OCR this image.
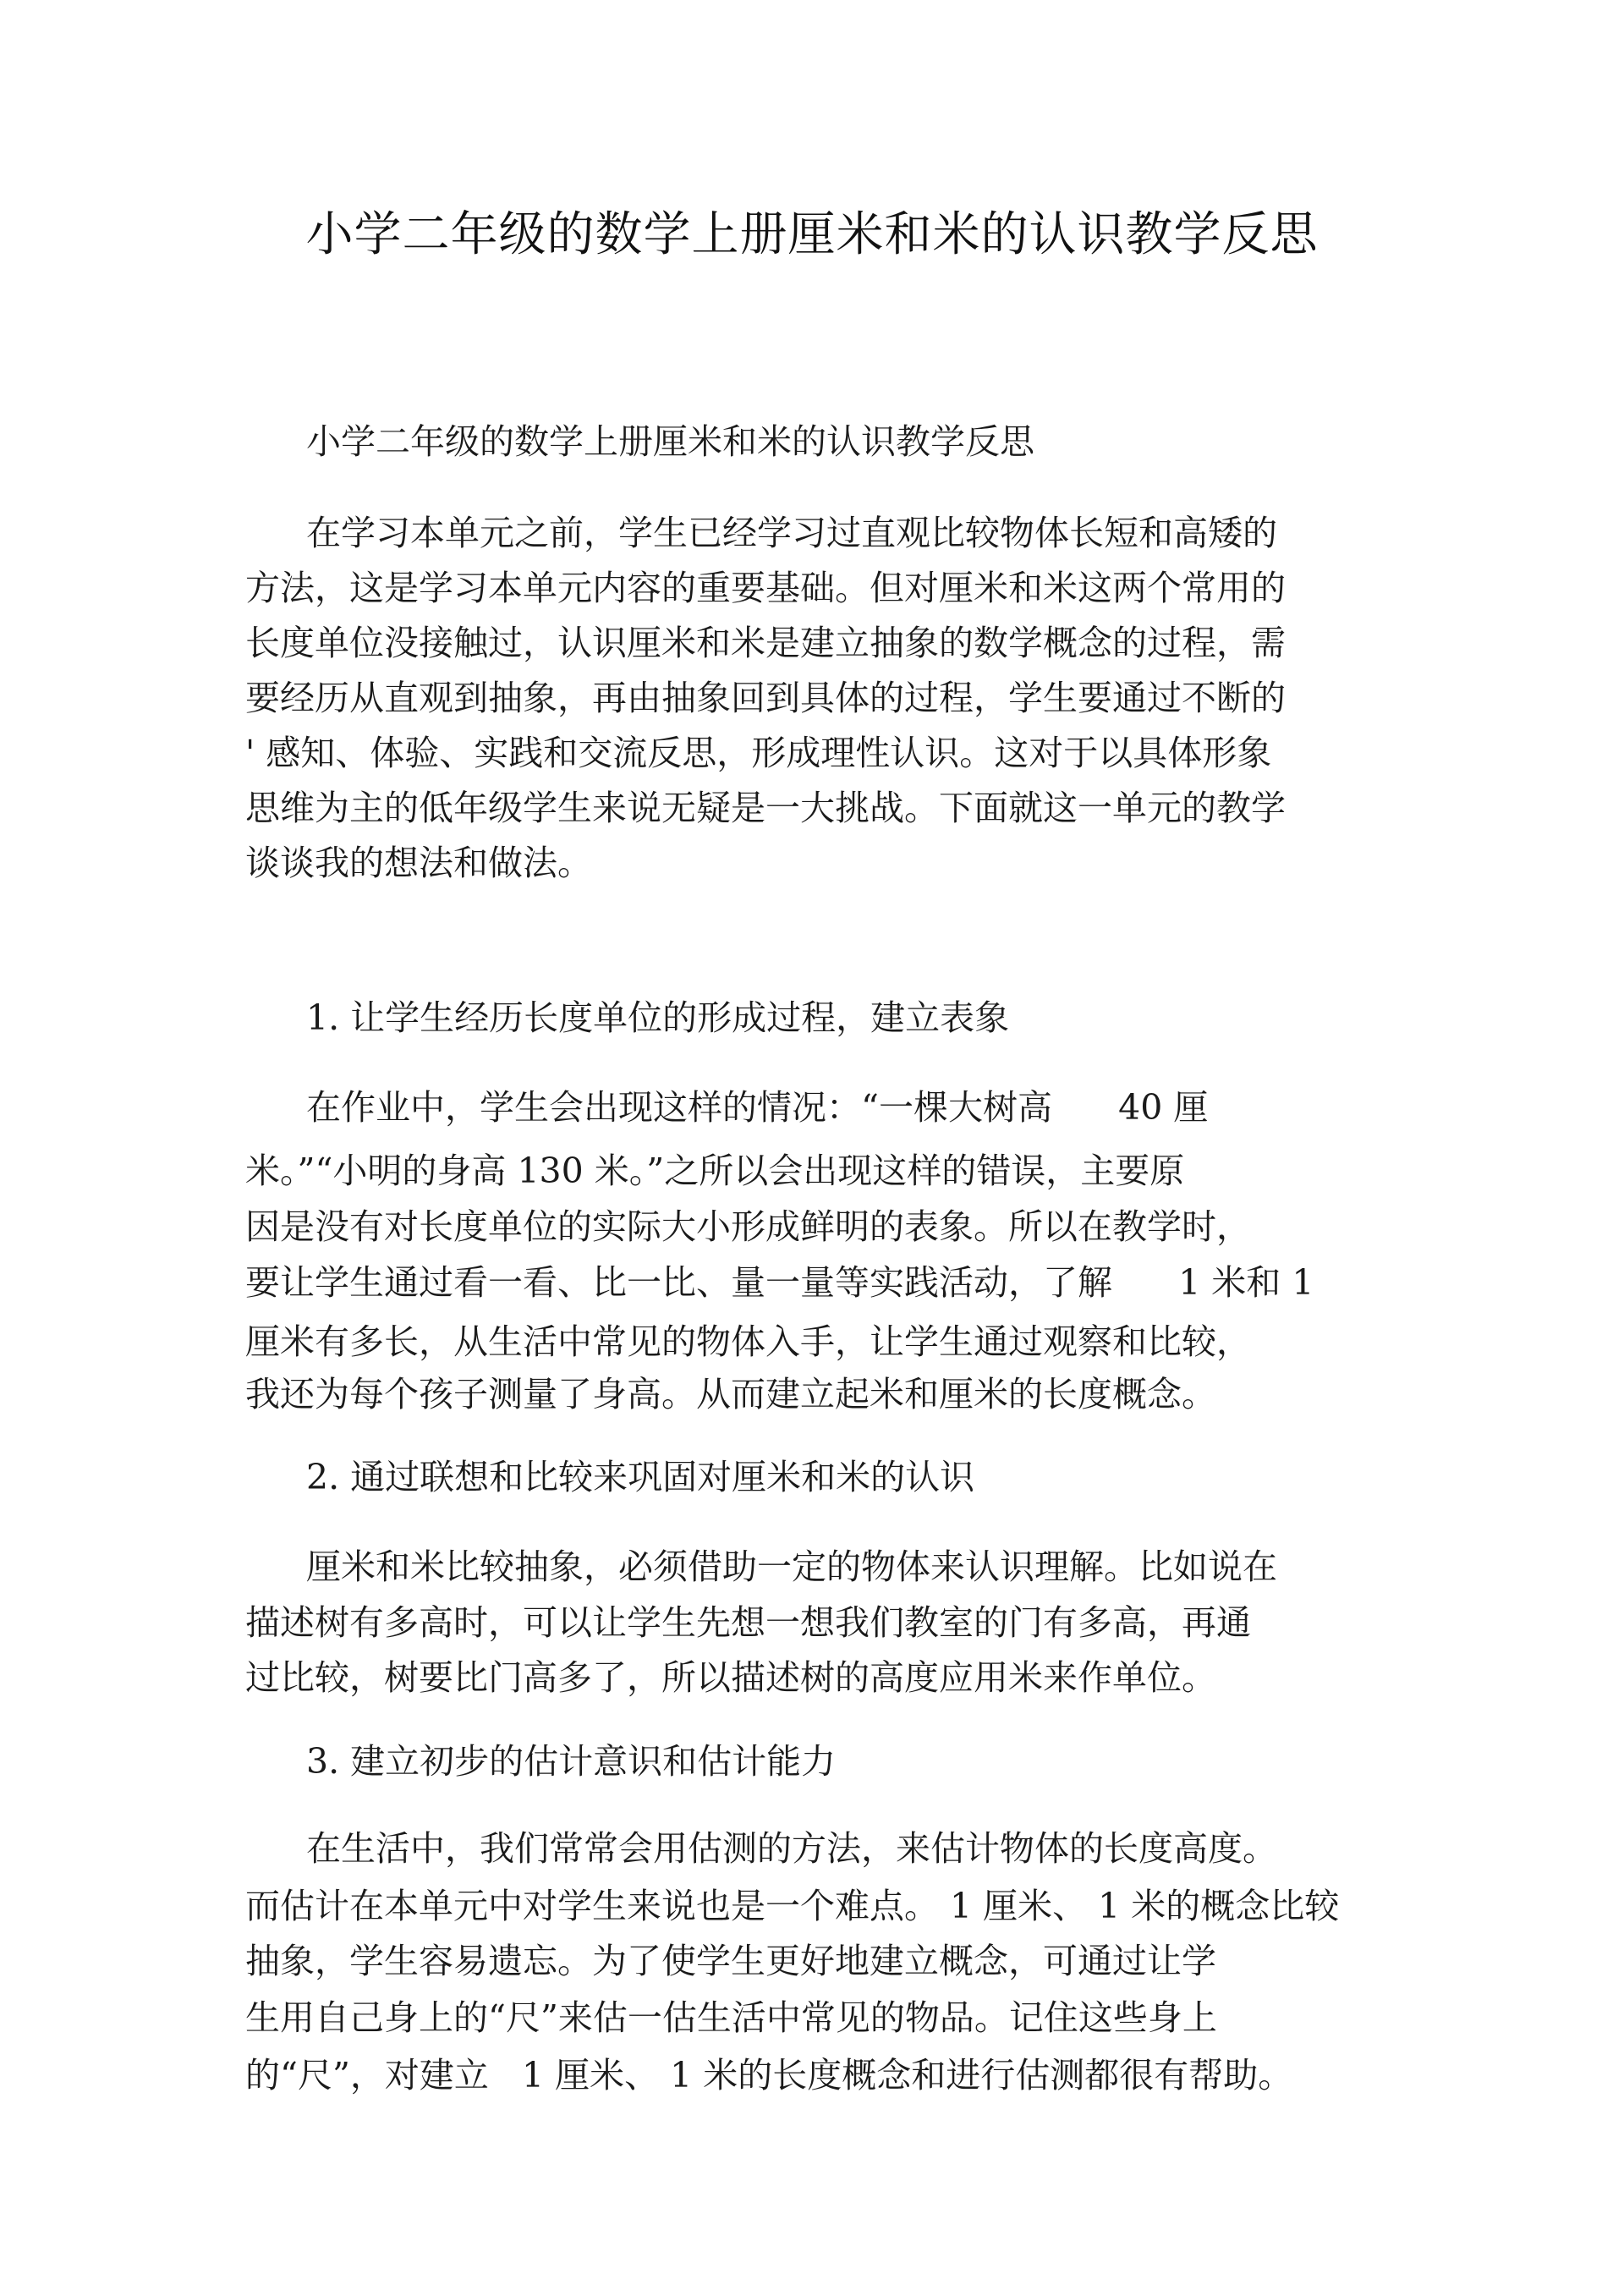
小学二年级的数学上册厘米和米的认识教学反思
小学二年级的数学上册厘米和米的认识教学反思
在学习本单元之前，学生已经学习过直观比较物体长短和高矮的
方法，这是学习本单元内容的重要基础。但对厘米和米这两个常用的
长度单位没接触过，认识厘米和米是建立抽象的数学概念的过程，需
要经历从直观到抽象，再由抽象回到具体的过程，学生要通过不断的
' 感知、体验、实践和交流反思，形成理性认识。这对于以具体形象
思维为主的低年级学生来说无疑是一大挑战。下面就这一单元的教学
谈谈我的想法和做法。
1. 让学生经历长度单位的形成过程，建立表象
在作业中，学生会出现这样的情况：“一棵大树高      40 厘
米。”“小明的身高 130 米。”之所以会出现这样的错误，主要原
因是没有对长度单位的实际大小形成鲜明的表象。所以在教学时，
要让学生通过看一看、比一比、量一量等实践活动，了解      1 米和 1
厘米有多长，从生活中常见的物体入手，让学生通过观察和比较，
我还为每个孩子测量了身高。从而建立起米和厘米的长度概念。
2. 通过联想和比较来巩固对厘米和米的认识
厘米和米比较抽象，必须借助一定的物体来认识理解。比如说在
描述树有多高时，可以让学生先想一想我们教室的门有多高，再通
过比较，树要比门高多了，所以描述树的高度应用米来作单位。
3. 建立初步的估计意识和估计能力
在生活中，我们常常会用估测的方法，来估计物体的长度高度。
而估计在本单元中对学生来说也是一个难点。 1 厘米、 1 米的概念比较
抽象，学生容易遗忘。为了使学生更好地建立概念，可通过让学
生用自己身上的“尺”来估一估生活中常见的物品。记住这些身上
的“尺”，对建立   1 厘米、 1 米的长度概念和进行估测都很有帮助。
